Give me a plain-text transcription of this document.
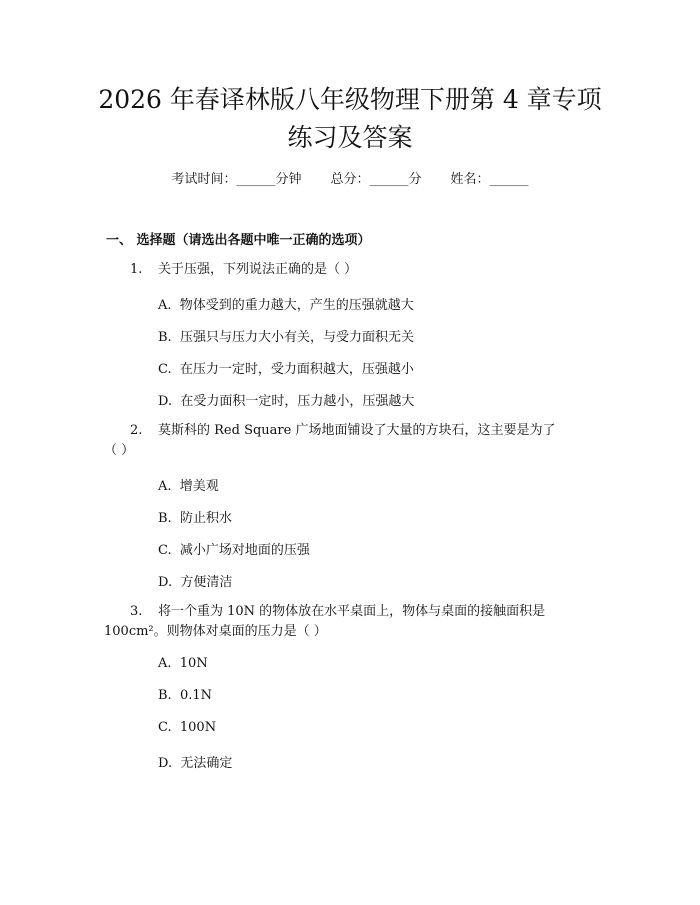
2026 年春译林版八年级物理下册第 4 章专项
练习及答案
考试时间：______分钟 总分：______分 姓名：______
一、 选择题（请选出各题中唯一正确的选项）
1. 关于压强，下列说法正确的是（ ）
A.  物体受到的重力越大，产生的压强就越大
B.  压强只与压力大小有关，与受力面积无关
C.  在压力一定时，受力面积越大，压强越小
D.  在受力面积一定时，压力越小，压强越大
2. 莫斯科的 Red Square 广场地面铺设了大量的方块石，这主要是为了
（ ）
A.  增美观
B.  防止积水
C.  减小广场对地面的压强
D.  方便清洁
3. 将一个重为 10N 的物体放在水平桌面上，物体与桌面的接触面积是
100cm²。则物体对桌面的压力是（ ）
A.  10N
B.  0.1N
C.  100N
D.  无法确定
